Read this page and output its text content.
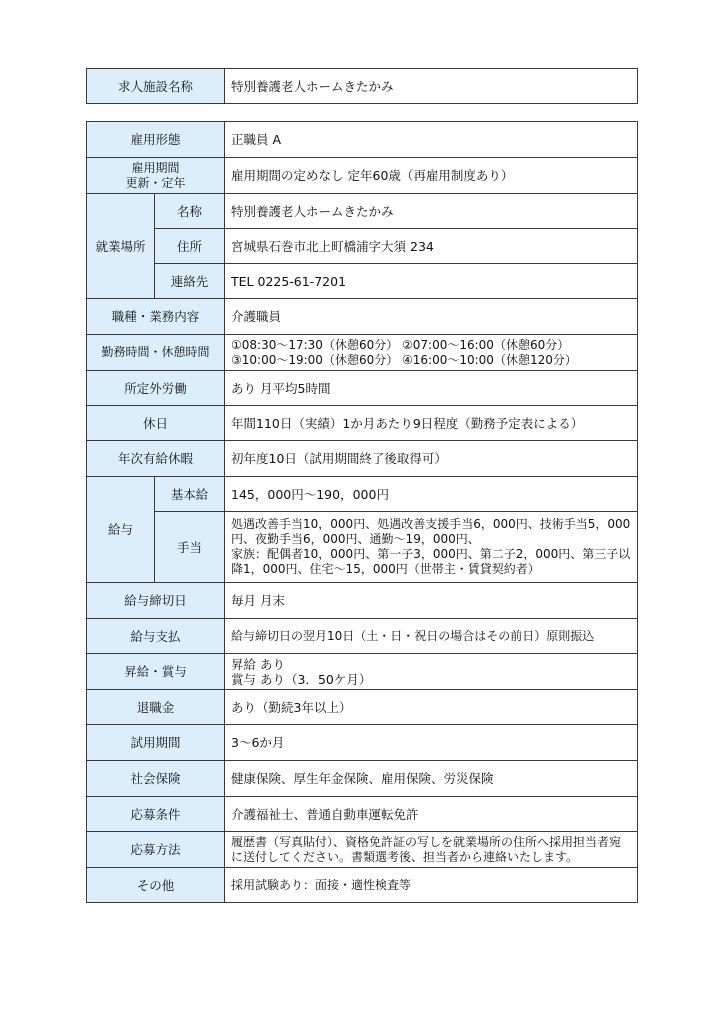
求人施設名称	特別養護老人ホームきたかみ
雇用形態		正職員 A
雇用期間
更新・定年		雇用期間の定めなし 定年60歳（再雇用制度あり）
就業場所	名称	特別養護老人ホームきたかみ
	住所	宮城県石巻市北上町橋浦字大須 234
	連絡先	TEL 0225-61-7201
職種・業務内容		介護職員
勤務時間・休憩時間		①08:30～17:30（休憩60分） ②07:00～16:00（休憩60分）
③10:00～19:00（休憩60分） ④16:00～10:00（休憩120分）
所定外労働		あり 月平均5時間
休日		年間110日（実績）1か月あたり9日程度（勤務予定表による）
年次有給休暇		初年度10日（試用期間終了後取得可）
給与	基本給	145，000円～190，000円
	手当	処遇改善手当10，000円、処遇改善支援手当6，000円、技術手当5，000円、夜勤手当6，000円、通勤～19，000円、
家族：配偶者10，000円、第一子3，000円、第二子2，000円、第三子以降1，000円、住宅～15，000円（世帯主・賃貸契約者）
給与締切日		毎月 月末
給与支払		給与締切日の翌月10日（土・日・祝日の場合はその前日）原則振込
昇給・賞与		昇給 あり
賞与 あり（3．50ケ月）
退職金		あり（勤続3年以上）
試用期間		3～6か月
社会保険		健康保険、厚生年金保険、雇用保険、労災保険
応募条件		介護福祉士、普通自動車運転免許
応募方法		履歴書（写真貼付）、資格免許証の写しを就業場所の住所へ採用担当者宛に送付してください。書類選考後、担当者から連絡いたします。
その他		採用試験あり：面接・適性検査等
